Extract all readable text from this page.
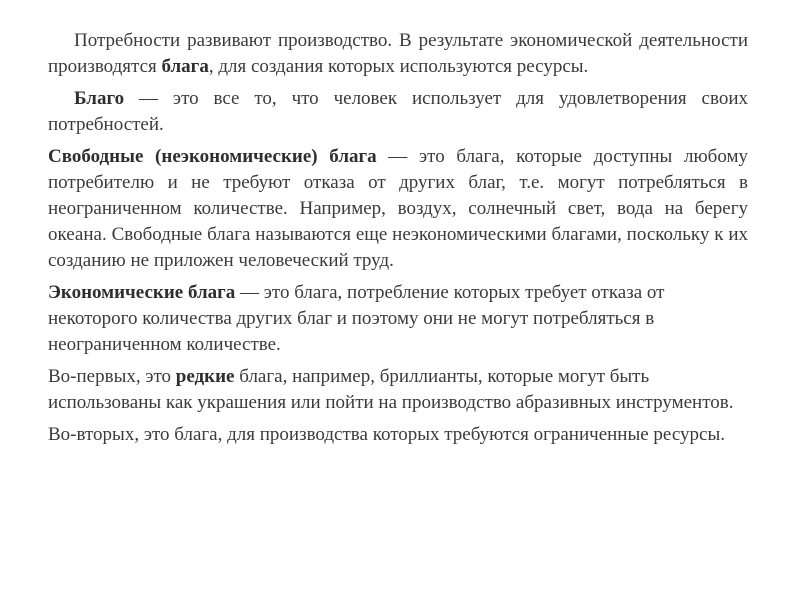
Потребности развивают производство. В результате экономической деятельности производятся блага, для создания которых используются ресурсы.

Благо — это все то, что человек использует для удовлетворения своих потребностей.

Свободные (неэкономические) блага — это блага, которые доступны любому потребителю и не требуют отказа от других благ, т.е. могут потребляться в неограниченном количестве. Например, воздух, солнечный свет, вода на берегу океана. Свободные блага называются еще неэкономическими благами, поскольку к их созданию не приложен человеческий труд.

Экономические блага — это блага, потребление которых требует отказа от некоторого количества других благ и поэтому они не могут потребляться в неограниченном количестве.

Во-первых, это редкие блага, например, бриллианты, которые могут быть использованы как украшения или пойти на производство абразивных инструментов.

Во-вторых, это блага, для производства которых требуются ограниченные ресурсы.
